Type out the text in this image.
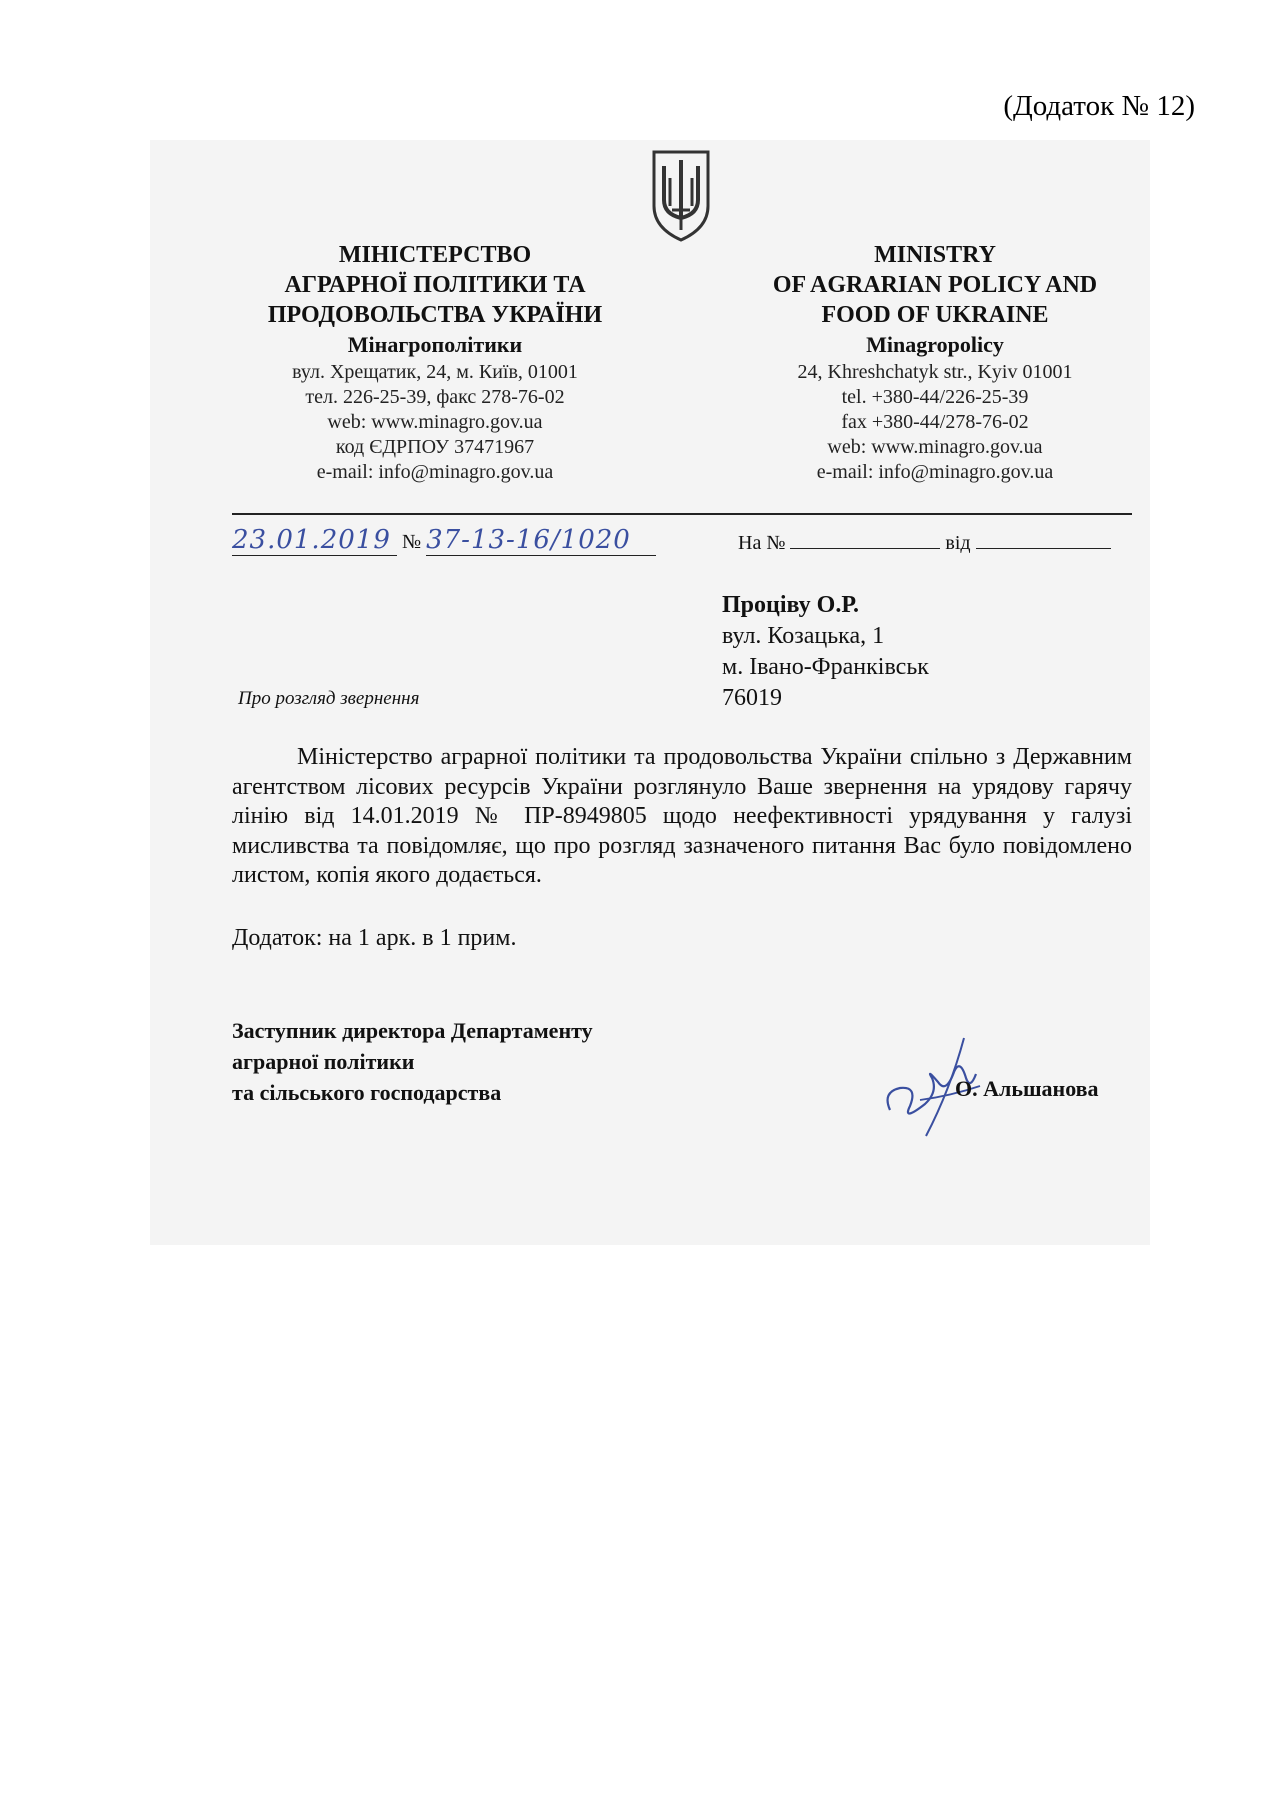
(Додаток № 12)
МІНІСТЕРСТВО
АГРАРНОЇ ПОЛІТИКИ ТА
ПРОДОВОЛЬСТВА УКРАЇНИ
Мінагрополітики
вул. Хрещатик, 24, м. Київ, 01001
тел. 226-25-39, факс 278-76-02
web: www.minagro.gov.ua
код ЄДРПОУ 37471967
e-mail: info@minagro.gov.ua
MINISTRY
OF AGRARIAN POLICY AND
FOOD OF UKRAINE
Minagropolicy
24, Khreshchatyk str., Kyiv 01001
tel. +380-44/226-25-39
fax +380-44/278-76-02
web: www.minagro.gov.ua
e-mail: info@minagro.gov.ua
23.01.2019 № 37-13-16/1020	На №	від
Проціву О.Р.
вул. Козацька, 1
м. Івано-Франківськ
76019
Про розгляд звернення
Міністерство аграрної політики та продовольства України спільно з Державним агентством лісових ресурсів України розглянуло Ваше звернення на урядову гарячу лінію від 14.01.2019 № ПР-8949805 щодо неефективності урядування у галузі мисливства та повідомляє, що про розгляд зазначеного питання Вас було повідомлено листом, копія якого додається.
Додаток: на 1 арк. в 1 прим.
Заступник директора Департаменту
аграрної політики
та сільського господарства	О. Альшанова
